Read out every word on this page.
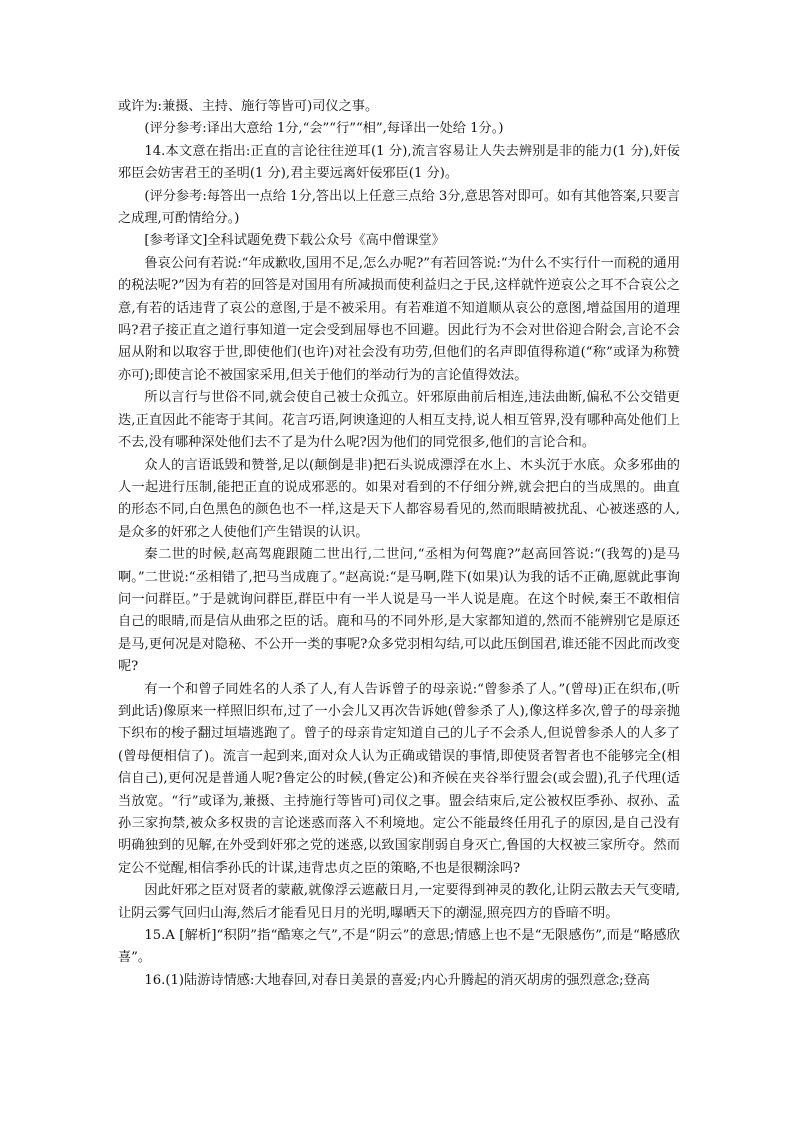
或许为:兼摄、主持、施行等皆可)司仪之事。

(评分参考:译出大意给 1分,“会”“行”“相”,每译出一处给 1分。)

14.本文意在指出:正直的言论往往逆耳(1 分),流言容易让人失去辨别是非的能力(1 分),奸佞邪臣会妨害君王的圣明(1 分),君主要远离奸佞邪臣(1 分)。

(评分参考:每答出一点给 1分,答出以上任意三点给 3分,意思答对即可。如有其他答案,只要言之成理,可酌情给分。)

[参考译文]全科试题免费下载公众号《高中僧课堂》

鲁哀公问有若说:“年成歉收,国用不足,怎么办呢?”有若回答说:“为什么不实行什一而税的通用的税法呢?”因为有若的回答是对国用有所减损而使利益归之于民,这样就忤逆哀公之耳不合哀公之意,有若的话违背了哀公的意图,于是不被采用。有若难道不知道顺从哀公的意图,增益国用的道理吗?君子接正直之道行事知道一定会受到屈辱也不回避。因此行为不会对世俗迎合附会,言论不会屈从附和以取容于世,即使他们(也许)对社会没有功劳,但他们的名声即值得称道(“称”或译为称赞亦可);即使言论不被国家采用,但关于他们的举动行为的言论值得效法。

所以言行与世俗不同,就会使自己被士众孤立。奸邪原曲前后相连,违法曲断,偏私不公交错更迭,正直因此不能寄于其间。花言巧语,阿谀逢迎的人相互支持,说人相互管界,没有哪种高处他们上不去,没有哪种深处他们去不了是为什么呢?因为他们的同党很多,他们的言论合和。

众人的言语诋毁和赞誉,足以(颠倒是非)把石头说成漂浮在水上、木头沉于水底。众多邪曲的人一起进行压制,能把正直的说成邪恶的。如果对看到的不仔细分辨,就会把白的当成黑的。曲直的形态不同,白色黑色的颜色也不一样,这是天下人都容易看见的,然而眼睛被扰乱、心被迷惑的人,是众多的奸邪之人使他们产生错误的认识。

秦二世的时候,赵高驾鹿跟随二世出行,二世问,“丞相为何驾鹿?”赵高回答说:“(我驾的)是马啊。”二世说:“丞相错了,把马当成鹿了。”赵高说:“是马啊,陛下(如果)认为我的话不正确,愿就此事询问一问群臣。”于是就询问群臣,群臣中有一半人说是马一半人说是鹿。在这个时候,秦王不敢相信自己的眼睛,而是信从曲邪之臣的话。鹿和马的不同外形,是大家都知道的,然而不能辨别它是原还是马,更何况是对隐秘、不公开一类的事呢?众多党羽相勾结,可以此压倒国君,谁还能不因此而改变呢?

有一个和曾子同姓名的人杀了人,有人告诉曾子的母亲说:“曾参杀了人。”(曾母)正在织布,(听到此话)像原来一样照旧织布,过了一小会儿又再次告诉她(曾参杀了人),像这样多次,曾子的母亲抛下织布的梭子翻过垣墙逃跑了。曾子的母亲肯定知道自己的儿子不会杀人,但说曾参杀人的人多了(曾母便相信了)。流言一起到来,面对众人认为正确或错误的事情,即使贤者智者也不能够完全(相信自己),更何况是普通人呢?鲁定公的时候,(鲁定公)和齐候在夹谷举行盟会(或会盟),孔子代理(适当放宽。“行”或译为,兼摄、主持施行等皆可)司仪之事。盟会结束后,定公被权臣季孙、叔孙、孟孙三家拘禁,被众多权贵的言论迷惑而落入不利境地。定公不能最终任用孔子的原因,是自己没有明确独到的见解,在外受到奸邪之党的迷惑,以致国家削弱自身灭亡,鲁国的大权被三家所夺。然而定公不觉醒,相信季孙氏的计谋,违背忠贞之臣的策略,不也是很糊涂吗?

因此奸邪之臣对贤者的蒙蔽,就像浮云遮蔽日月,一定要得到神灵的教化,让阴云散去天气变晴,让阴云雾气回归山海,然后才能看见日月的光明,曝晒天下的潮湿,照亮四方的昏暗不明。

15.A [解析]“积阴”指“酷寒之气”,不是“阴云”的意思;情感上也不是“无限感伤”,而是“略感欣喜”。

16.(1)陆游诗情感:大地春回,对春日美景的喜爱;内心升腾起的消灭胡虏的强烈意念;登高
